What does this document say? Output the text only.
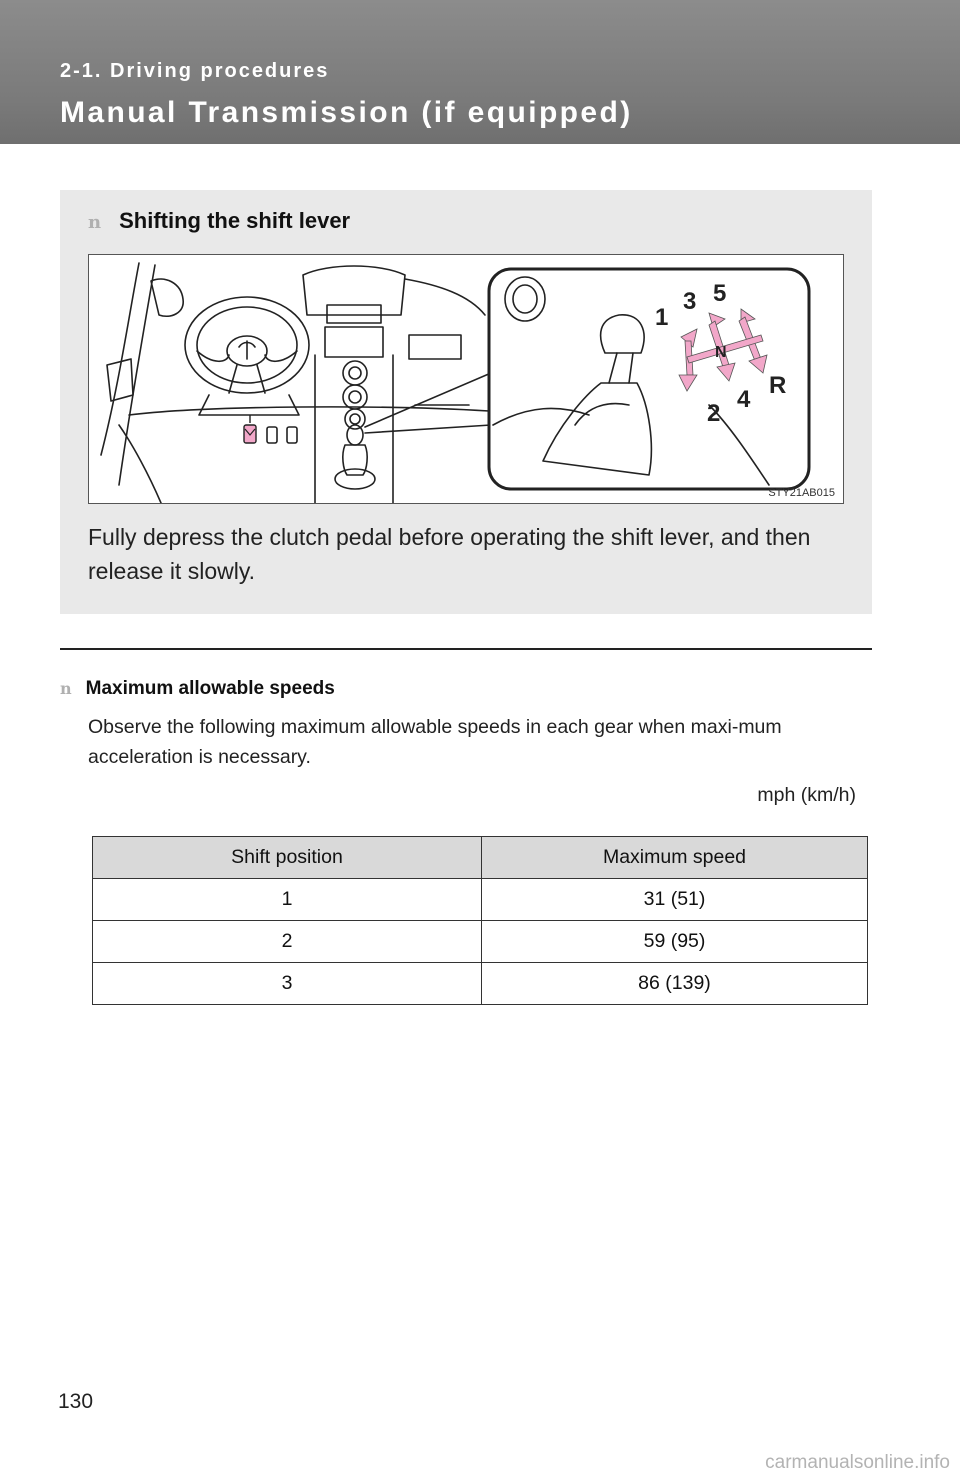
2-1. Driving procedures
Manual Transmission (if equipped)
n Shifting the shift lever
1
3 5
N
2
4
R
STY21AB015
Fully depress the clutch pedal before operating the shift lever, and then release it slowly.
n Maximum allowable speeds
Observe the following maximum allowable speeds in each gear when maxi-mum acceleration is necessary.
mph (km/h)
Shift position	Maximum speed
1	31 (51)
2	59 (95)
3	86 (139)
130
carmanualsonline.info
